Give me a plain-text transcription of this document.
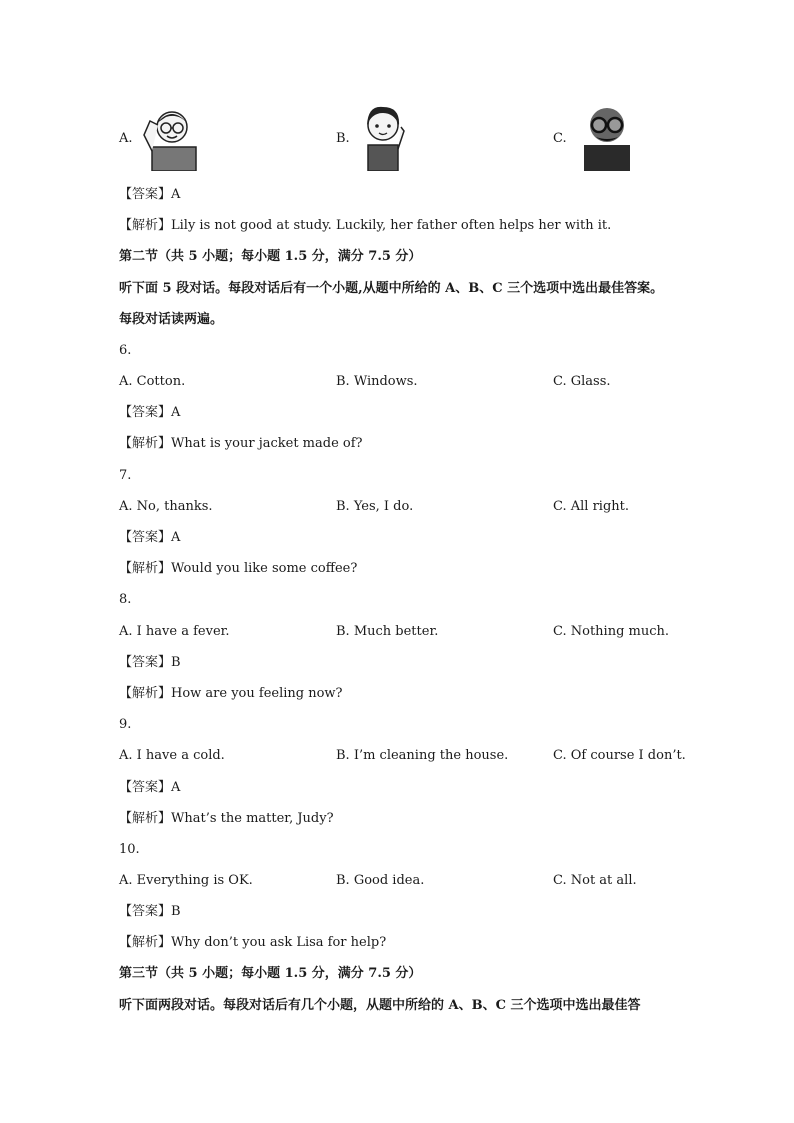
A.	B.	C.
【答案】A
【解析】Lily is not good at study. Luckily, her father often helps her with it.
第二节（共 5 小题；每小题 1.5 分，满分 7.5 分）
听下面 5 段对话。每段对话后有一个小题,从题中所给的 A、B、C 三个选项中选出最佳答案。
每段对话读两遍。
6.
A. Cotton.	B. Windows.	C. Glass.
【答案】A
【解析】What is your jacket made of?
7.
A. No, thanks.	B. Yes, I do.	C. All right.
【答案】A
【解析】Would you like some coffee?
8.
A. I have a fever.	B. Much better.	C. Nothing much.
【答案】B
【解析】How are you feeling now?
9.
A. I have a cold.	B. I’m cleaning the house.	C. Of course I don’t.
【答案】A
【解析】What’s the matter, Judy?
10.
A. Everything is OK.	B. Good idea.	C. Not at all.
【答案】B
【解析】Why don’t you ask Lisa for help?
第三节（共 5 小题；每小题 1.5 分，满分 7.5 分）
听下面两段对话。每段对话后有几个小题，从题中所给的 A、B、C 三个选项中选出最佳答
